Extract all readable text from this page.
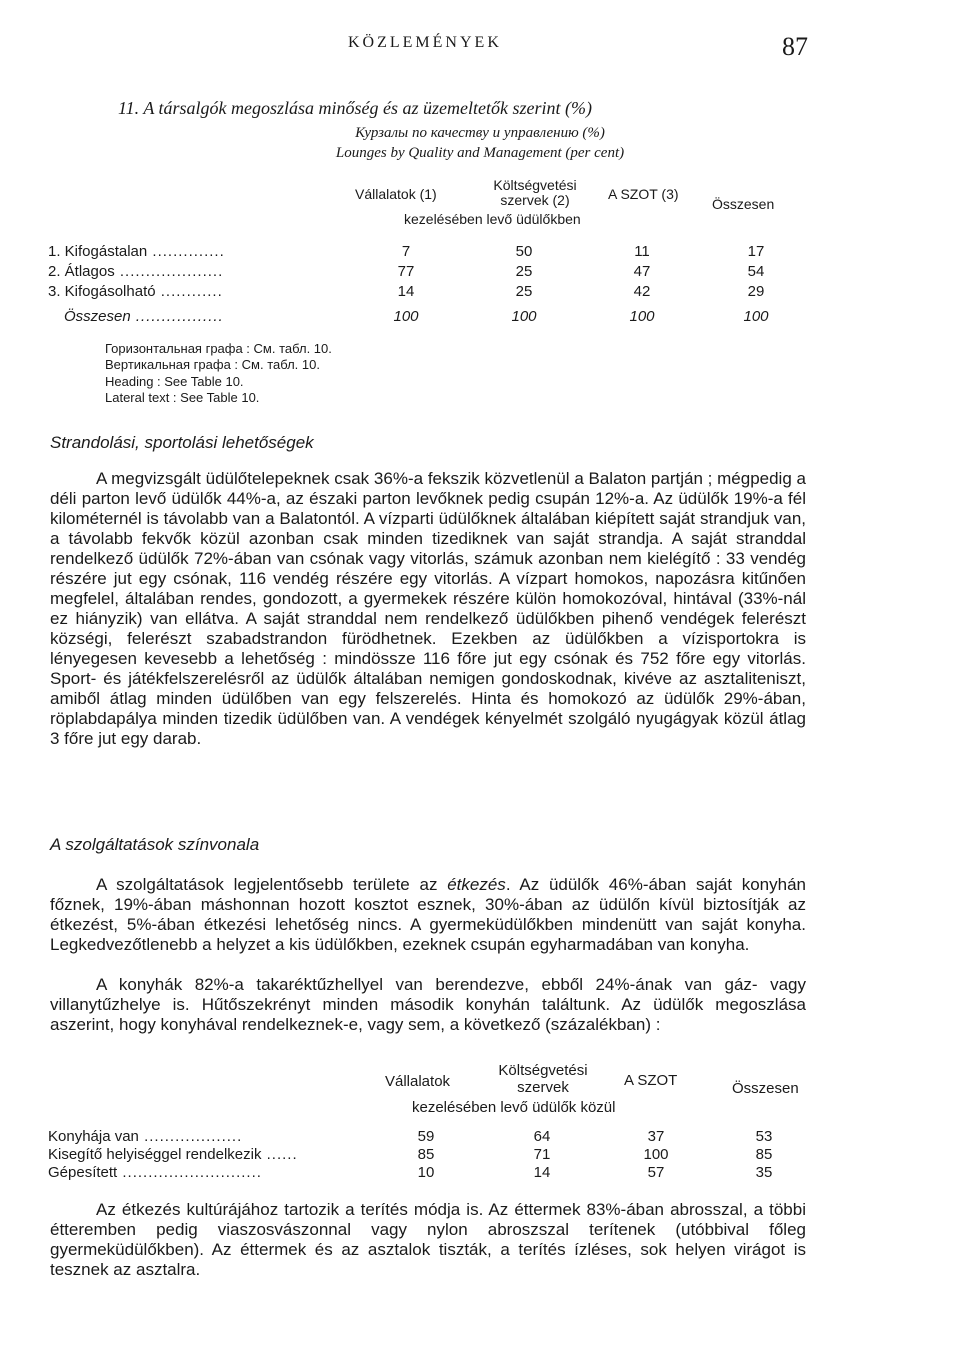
KÖZLEMÉNYEK	87
11. A társalgók megoszlása minőség és az üzemeltetők szerint (%)
Курзалы по качеству и управлению (%)
Lounges by Quality and Management (per cent)
Vállalatok (1)
Költségvetési szervek (2)	A SZOT (3)
Összesen
kezelésében levő üdülőkben
1. Kifogástalan ..............	7	50	11	17
2. Átlagos ....................	77	25	47	54
3. Kifogásolható ............	14	25	42	29
Összesen .................	100	100	100	100
Горизонтальная графа : См. табл. 10.
Вертикальная графа : См. табл. 10.
Heading : See Table 10.
Lateral text : See Table 10.
Strandolási, sportolási lehetőségek
A megvizsgált üdülőtelepeknek csak 36%-a fekszik közvetlenül a Balaton partján ; mégpedig a déli parton levő üdülők 44%-a, az északi parton levőknek pedig csupán 12%-a. Az üdülők 19%-a fél kilométernél is távolabb van a Balatontól. A vízparti üdülőknek általában kiépített saját strandjuk van, a távolabb fekvők közül azonban csak minden tizediknek van saját strandja. A saját stranddal rendelkező üdülők 72%-ában van csónak vagy vitorlás, számuk azonban nem kielégítő : 33 vendég részére jut egy csónak, 116 vendég részére egy vitorlás. A vízpart homokos, napozásra kitűnően megfelel, általában rendes, gondozott, a gyermekek részére külön homokozóval, hintával (33%-nál ez hiányzik) van ellátva. A saját stranddal nem rendelkező üdülőkben pihenő vendégek felerészt községi, felerészt szabadstrandon fürödhetnek. Ezekben az üdülőkben a vízisportokra is lényegesen kevesebb a lehetőség : mindössze 116 főre jut egy csónak és 752 főre egy vitorlás. Sport- és játékfelszerelésről az üdülők általában nemigen gondoskodnak, kivéve az asztaliteniszt, amiből átlag minden üdülőben van egy felszerelés. Hinta és homokozó az üdülők 29%-ában, röplabdapálya minden tizedik üdülőben van. A vendégek kényelmét szolgáló nyugágyak közül átlag 3 főre jut egy darab.
A szolgáltatások színvonala
A szolgáltatások legjelentősebb területe az étkezés. Az üdülők 46%-ában saját konyhán főznek, 19%-ában máshonnan hozott kosztot esznek, 30%-ában az üdülőn kívül biztosítják az étkezést, 5%-ában étkezési lehetőség nincs. A gyermeküdülőkben mindenütt van saját konyha. Legkedvezőtlenebb a helyzet a kis üdülőkben, ezeknek csupán egyharmadában van konyha.
A konyhák 82%-a takaréktűzhellyel van berendezve, ebből 24%-ának van gáz- vagy villanytűzhelye is. Hűtőszekrényt minden második konyhán találtunk. Az üdülők megoszlása aszerint, hogy konyhával rendelkeznek-e, vagy sem, a következő (százalékban) :
Vállalatok
Költségvetési szervek	A SZOT	Összesen
kezelésében levő üdülők közül
Konyhája van ...................	59	64	37	53
Kisegítő helyiséggel rendelkezik ......	85	71	100	85
Gépesített ...........................	10	14	57	35
Az étkezés kultúrájához tartozik a terítés módja is. Az éttermek 83%-ában abrosszal, a többi étteremben pedig viaszosvászonnal vagy nylon abroszszal terítenek (utóbbival főleg gyermeküdülőkben). Az éttermek és az asztalok tiszták, a terítés ízléses, sok helyen virágot is tesznek az asztalra.
